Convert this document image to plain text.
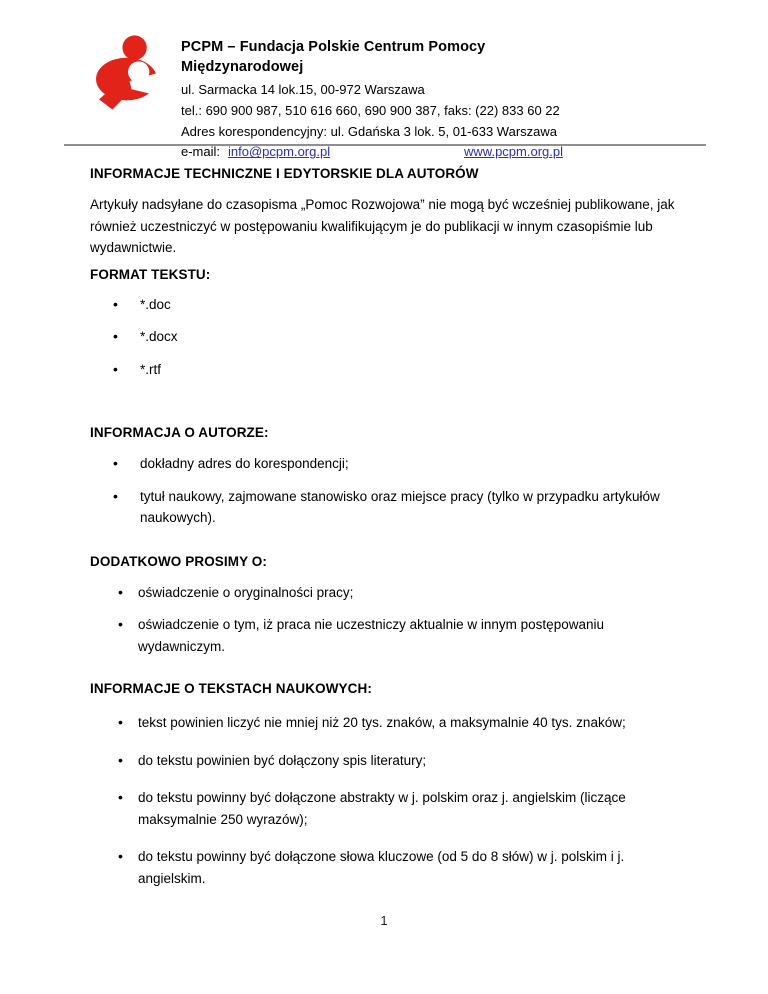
PCPM – Fundacja Polskie Centrum Pomocy Międzynarodowej
ul. Sarmacka 14 lok.15, 00-972 Warszawa
tel.: 690 900 987, 510 616 660, 690 900 387, faks: (22) 833 60 22
Adres korespondencyjny: ul. Gdańska 3 lok. 5, 01-633 Warszawa
e-mail: info@pcpm.org.pl	www.pcpm.org.pl
INFORMACJE TECHNICZNE I EDYTORSKIE DLA AUTORÓW

Artykuły nadsyłane do czasopisma „Pomoc Rozwojowa” nie mogą być wcześniej publikowane, jak również uczestniczyć w postępowaniu kwalifikującym je do publikacji w innym czasopiśmie lub wydawnictwie.

FORMAT TEKSTU:
• *.doc
• *.docx
• *.rtf
INFORMACJA O AUTORZE:
• dokładny adres do korespondencji;
• tytuł naukowy, zajmowane stanowisko oraz miejsce pracy (tylko w przypadku artykułów naukowych).
DODATKOWO PROSIMY O:
• oświadczenie o oryginalności pracy;
• oświadczenie o tym, iż praca nie uczestniczy aktualnie w innym postępowaniu wydawniczym.
INFORMACJE O TEKSTACH NAUKOWYCH:
• tekst powinien liczyć nie mniej niż 20 tys. znaków, a maksymalnie 40 tys. znaków;
• do tekstu powinien być dołączony spis literatury;
• do tekstu powinny być dołączone abstrakty w j. polskim oraz j. angielskim (liczące maksymalnie 250 wyrazów);
• do tekstu powinny być dołączone słowa kluczowe (od 5 do 8 słów) w j. polskim i j. angielskim.
1
